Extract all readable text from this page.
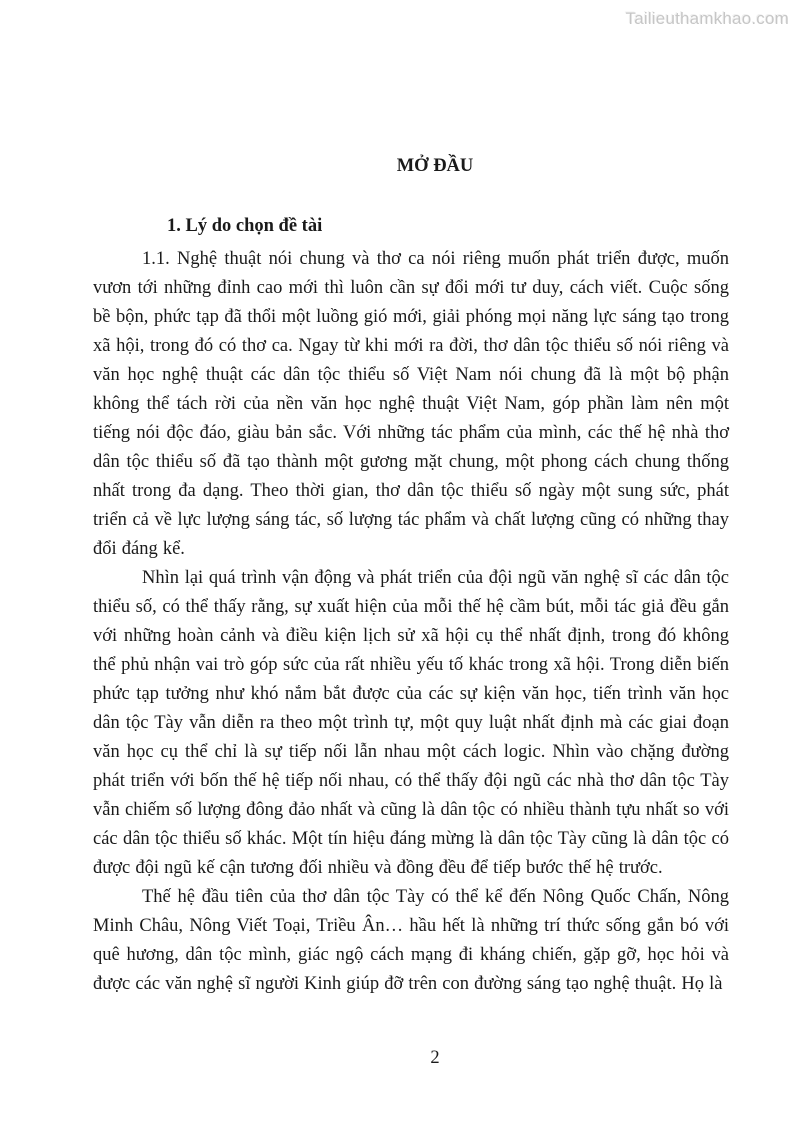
Tailieuthamkhao.com
MỞ ĐẦU
1. Lý do chọn đề tài

1.1. Nghệ thuật nói chung và thơ ca nói riêng muốn phát triển được, muốn vươn tới những đỉnh cao mới thì luôn cần sự đổi mới tư duy, cách viết. Cuộc sống bề bộn, phức tạp đã thổi một luồng gió mới, giải phóng mọi năng lực sáng tạo trong xã hội, trong đó có thơ ca. Ngay từ khi mới ra đời, thơ dân tộc thiểu số nói riêng và văn học nghệ thuật các dân tộc thiểu số Việt Nam nói chung đã là một bộ phận không thể tách rời của nền văn học nghệ thuật Việt Nam, góp phần làm nên một tiếng nói độc đáo, giàu bản sắc. Với những tác phẩm của mình, các thế hệ nhà thơ dân tộc thiểu số đã tạo thành một gương mặt chung, một phong cách chung thống nhất trong đa dạng. Theo thời gian, thơ dân tộc thiểu số ngày một sung sức, phát triển cả về lực lượng sáng tác, số lượng tác phẩm và chất lượng cũng có những thay đổi đáng kể.

Nhìn lại quá trình vận động và phát triển của đội ngũ văn nghệ sĩ các dân tộc thiểu số, có thể thấy rằng, sự xuất hiện của mỗi thế hệ cầm bút, mỗi tác giả đều gắn với những hoàn cảnh và điều kiện lịch sử xã hội cụ thể nhất định, trong đó không thể phủ nhận vai trò góp sức của rất nhiều yếu tố khác trong xã hội. Trong diễn biến phức tạp tưởng như khó nắm bắt được của các sự kiện văn học, tiến trình văn học dân tộc Tày vẫn diễn ra theo một trình tự, một quy luật nhất định mà các giai đoạn văn học cụ thể chỉ là sự tiếp nối lẫn nhau một cách logic. Nhìn vào chặng đường phát triển với bốn thế hệ tiếp nối nhau, có thể thấy đội ngũ các nhà thơ dân tộc Tày vẫn chiếm số lượng đông đảo nhất và cũng là dân tộc có nhiều thành tựu nhất so với các dân tộc thiểu số khác. Một tín hiệu đáng mừng là dân tộc Tày cũng là dân tộc có được đội ngũ kế cận tương đối nhiều và đồng đều để tiếp bước thế hệ trước.

Thế hệ đầu tiên của thơ dân tộc Tày có thể kể đến Nông Quốc Chấn, Nông Minh Châu, Nông Viết Toại, Triều Ân… hầu hết là những trí thức sống gắn bó với quê hương, dân tộc mình, giác ngộ cách mạng đi kháng chiến, gặp gỡ, học hỏi và được các văn nghệ sĩ người Kinh giúp đỡ trên con đường sáng tạo nghệ thuật. Họ là

2
